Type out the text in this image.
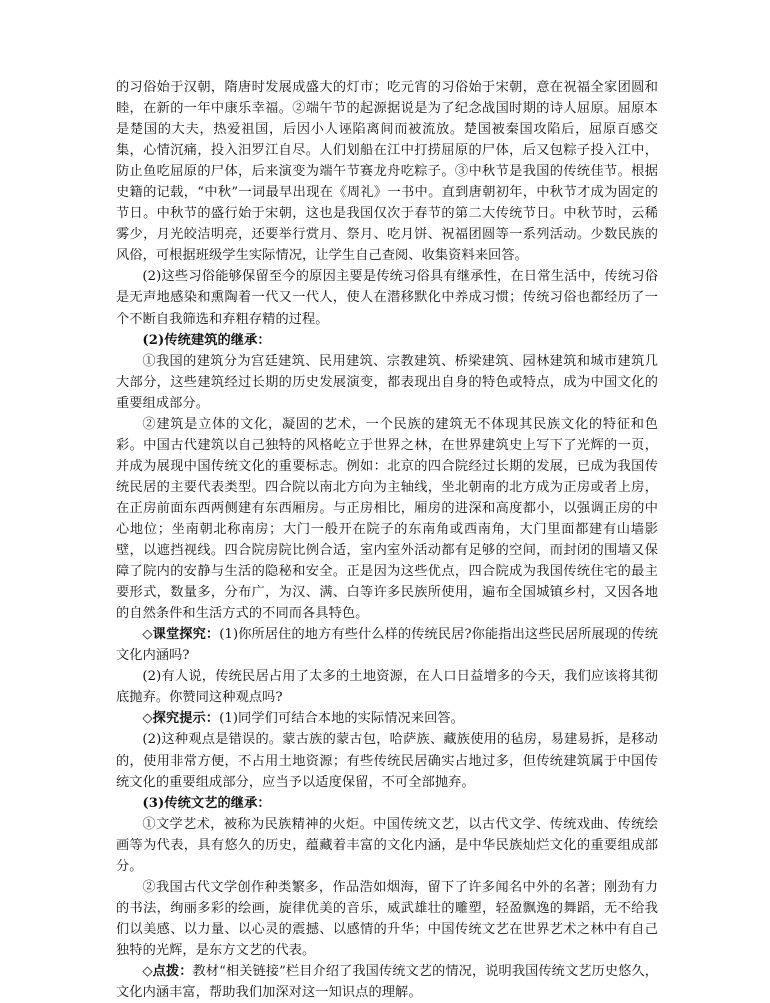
的习俗始于汉朝，隋唐时发展成盛大的灯市；吃元宵的习俗始于宋朝，意在祝福全家团圆和睦，在新的一年中康乐幸福。②端午节的起源据说是为了纪念战国时期的诗人屈原。屈原本是楚国的大夫，热爱祖国，后因小人诬陷离间而被流放。楚国被秦国攻陷后，屈原百感交集，心情沉痛，投入汨罗江自尽。人们划船在江中打捞屈原的尸体，后又包粽子投入江中，防止鱼吃屈原的尸体，后来演变为端午节赛龙舟吃粽子。③中秋节是我国的传统佳节。根据史籍的记载，“中秋”一词最早出现在《周礼》一书中。直到唐朝初年，中秋节才成为固定的节日。中秋节的盛行始于宋朝，这也是我国仅次于春节的第二大传统节日。中秋节时，云稀雾少，月光皎洁明亮，还要举行赏月、祭月、吃月饼、祝福团圆等一系列活动。少数民族的风俗，可根据班级学生实际情况，让学生自己查阅、收集资料来回答。

(2)这些习俗能够保留至今的原因主要是传统习俗具有继承性，在日常生活中，传统习俗是无声地感染和熏陶着一代又一代人，使人在潜移默化中养成习惯；传统习俗也都经历了一个不断自我筛选和弃粗存精的过程。

(2)传统建筑的继承：

①我国的建筑分为宫廷建筑、民用建筑、宗教建筑、桥梁建筑、园林建筑和城市建筑几大部分，这些建筑经过长期的历史发展演变，都表现出自身的特色或特点，成为中国文化的重要组成部分。

②建筑是立体的文化，凝固的艺术，一个民族的建筑无不体现其民族文化的特征和色彩。中国古代建筑以自己独特的风格屹立于世界之林，在世界建筑史上写下了光辉的一页，并成为展现中国传统文化的重要标志。例如：北京的四合院经过长期的发展，已成为我国传统民居的主要代表类型。四合院以南北方向为主轴线，坐北朝南的北方成为正房或者上房，在正房前面东西两侧建有东西厢房。与正房相比，厢房的进深和高度都小，以强调正房的中心地位；坐南朝北称南房；大门一般开在院子的东南角或西南角，大门里面都建有山墙影壁，以遮挡视线。四合院房院比例合适，室内室外活动都有足够的空间，而封闭的围墙又保障了院内的安静与生活的隐秘和安全。正是因为这些优点，四合院成为我国传统住宅的最主要形式，数量多，分布广，为汉、满、白等许多民族所使用，遍布全国城镇乡村，又因各地的自然条件和生活方式的不同而各具特色。

◇课堂探究：(1)你所居住的地方有些什么样的传统民居?你能指出这些民居所展现的传统文化内涵吗?

(2)有人说，传统民居占用了太多的土地资源，在人口日益增多的今天，我们应该将其彻底抛弃。你赞同这种观点吗?

◇探究提示：(1)同学们可结合本地的实际情况来回答。

(2)这种观点是错误的。蒙古族的蒙古包，哈萨族、藏族使用的毡房，易建易拆，是移动的，使用非常方便，不占用土地资源；有些传统民居确实占地过多，但传统建筑属于中国传统文化的重要组成部分，应当予以适度保留，不可全部抛弃。

(3)传统文艺的继承：

①文学艺术，被称为民族精神的火炬。中国传统文艺，以古代文学、传统戏曲、传统绘画等为代表，具有悠久的历史，蕴藏着丰富的文化内涵，是中华民族灿烂文化的重要组成部分。

②我国古代文学创作种类繁多，作品浩如烟海，留下了许多闻名中外的名著；刚劲有力的书法，绚丽多彩的绘画，旋律优美的音乐，威武雄壮的雕塑，轻盈飘逸的舞蹈，无不给我们以美感、以力量、以心灵的震撼、以感情的升华；中国传统文艺在世界艺术之林中有自己独特的光辉，是东方文艺的代表。

◇点拨：教材“相关链接”栏目介绍了我国传统文艺的情况，说明我国传统文艺历史悠久，文化内涵丰富，帮助我们加深对这一知识点的理解。
